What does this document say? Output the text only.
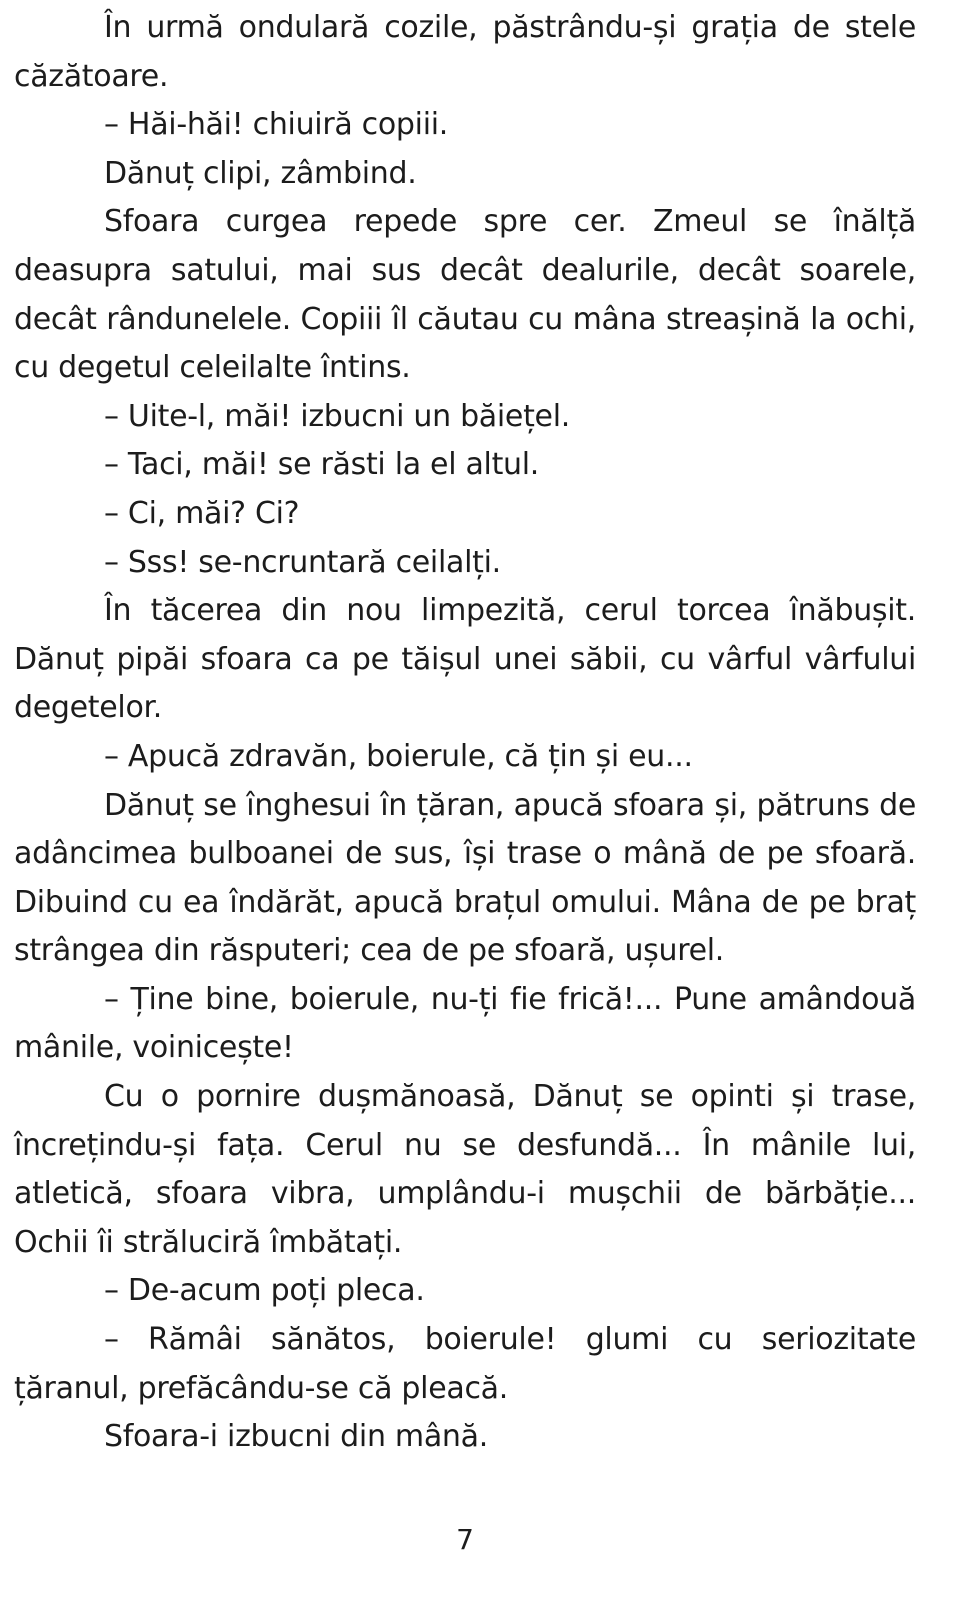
În urmă ondulară cozile, păstrându-și grația de stele căzătoare.

– Hăi-hăi! chiuiră copiii.

Dănuț clipi, zâmbind.

Sfoara curgea repede spre cer. Zmeul se înălță deasupra satului, mai sus decât dealurile, decât soarele, decât rândunelele. Copiii îl căutau cu mâna streașină la ochi, cu degetul celeilalte întins.

– Uite-l, măi! izbucni un băiețel.

– Taci, măi! se răsti la el altul.

– Ci, măi? Ci?

– Sss! se-ncruntară ceilalți.

În tăcerea din nou limpezită, cerul torcea înăbușit. Dănuț pipăi sfoara ca pe tăișul unei săbii, cu vârful vârfului degetelor.

– Apucă zdravăn, boierule, că țin și eu...

Dănuț se înghesui în țăran, apucă sfoara și, pătruns de adâncimea bulboanei de sus, își trase o mână de pe sfoară. Dibuind cu ea îndărăt, apucă brațul omului. Mâna de pe braț strângea din răsputeri; cea de pe sfoară, ușurel.

– Ține bine, boierule, nu-ți fie frică!... Pune amândouă mânile, voinicește!

Cu o pornire dușmănoasă, Dănuț se opinti și trase, încrețindu-și fața. Cerul nu se desfundă... În mânile lui, atletică, sfoara vibra, umplându-i mușchii de bărbăție... Ochii îi străluciră îmbătați.

– De-acum poți pleca.

– Rămâi sănătos, boierule! glumi cu seriozitate țăranul, prefăcându-se că pleacă.

Sfoara-i izbucni din mână.

7
